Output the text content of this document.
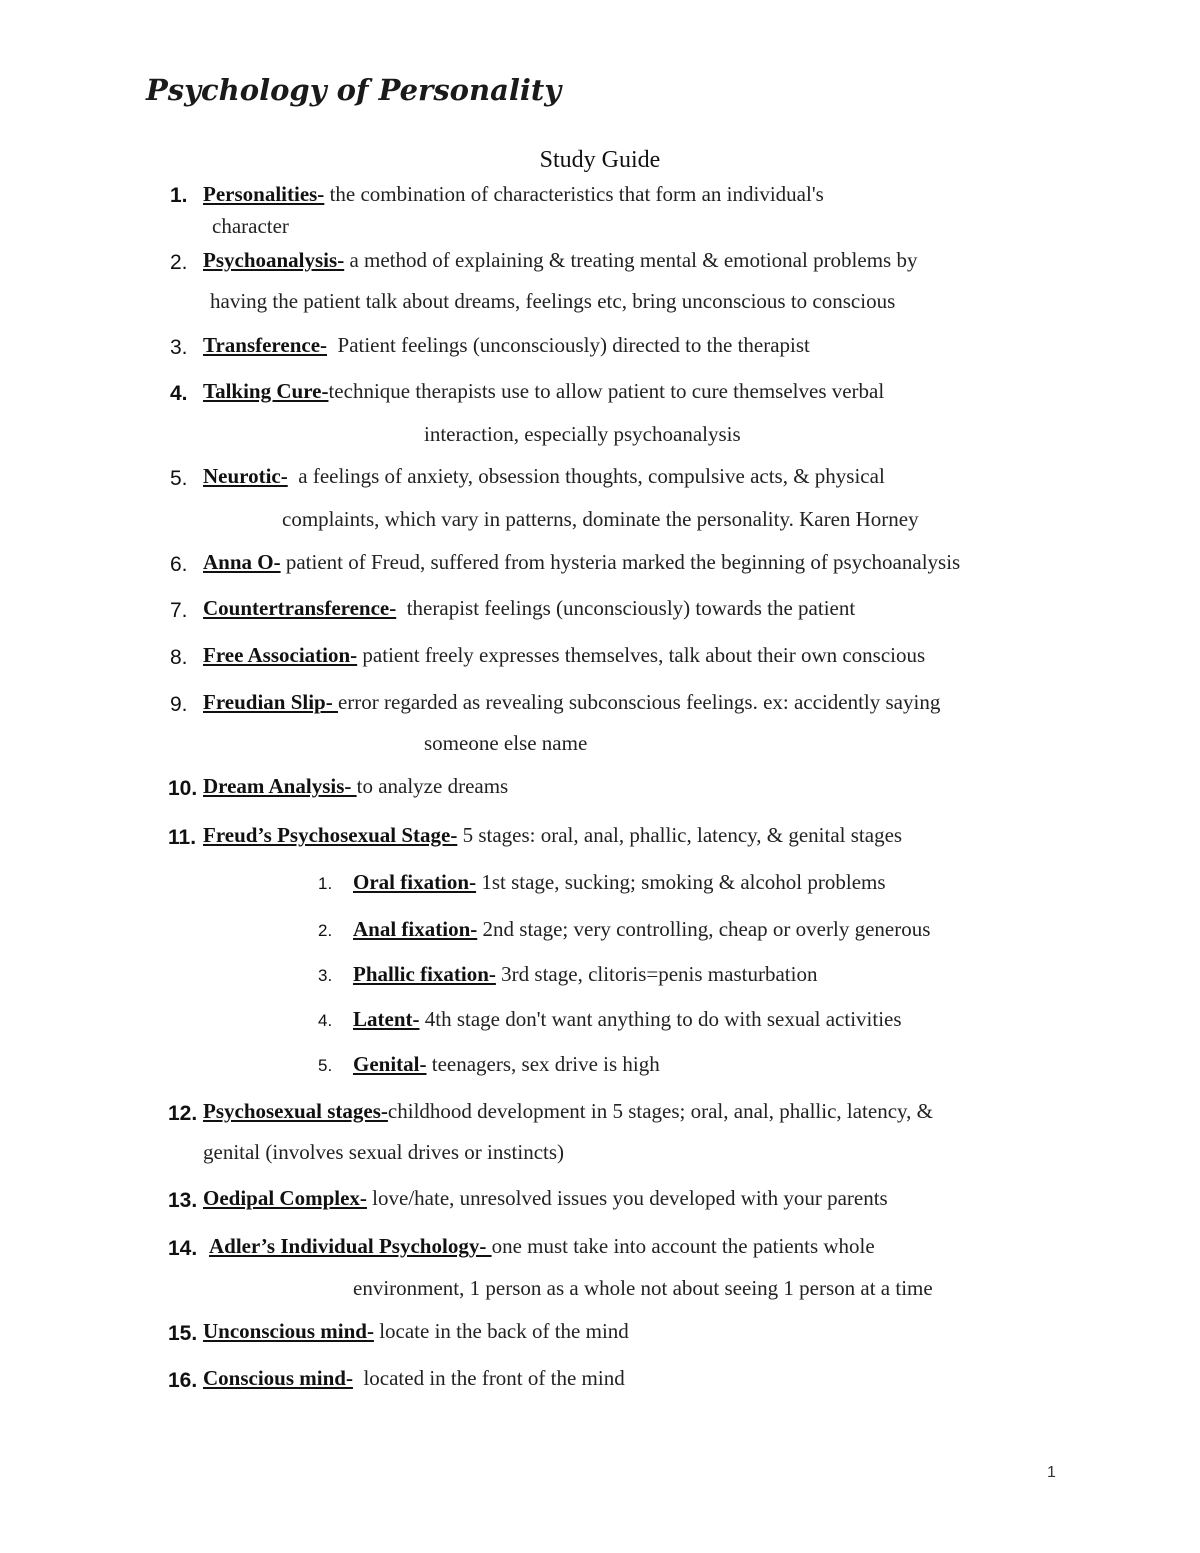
Psychology of Personality
Study Guide
1. Personalities- the combination of characteristics that form an individual's
character
2. Psychoanalysis- a method of explaining & treating mental & emotional problems by
having the patient talk about dreams, feelings etc, bring unconscious to conscious
3. Transference-  Patient feelings (unconsciously) directed to the therapist
4. Talking Cure-technique therapists use to allow patient to cure themselves verbal
interaction, especially psychoanalysis
5. Neurotic-  a feelings of anxiety, obsession thoughts, compulsive acts, & physical
complaints, which vary in patterns, dominate the personality. Karen Horney
6. Anna O- patient of Freud, suffered from hysteria marked the beginning of psychoanalysis
7. Countertransference-  therapist feelings (unconsciously) towards the patient
8. Free Association- patient freely expresses themselves, talk about their own conscious
9. Freudian Slip- error regarded as revealing subconscious feelings. ex: accidently saying
someone else name
10. Dream Analysis- to analyze dreams
11. Freud’s Psychosexual Stage- 5 stages: oral, anal, phallic, latency, & genital stages
1. Oral fixation- 1st stage, sucking; smoking & alcohol problems
2. Anal fixation- 2nd stage; very controlling, cheap or overly generous
3. Phallic fixation- 3rd stage, clitoris=penis masturbation
4. Latent- 4th stage don't want anything to do with sexual activities
5. Genital- teenagers, sex drive is high
12. Psychosexual stages-childhood development in 5 stages; oral, anal, phallic, latency, &
genital (involves sexual drives or instincts)
13. Oedipal Complex- love/hate, unresolved issues you developed with your parents
14. Adler’s Individual Psychology- one must take into account the patients whole
environment, 1 person as a whole not about seeing 1 person at a time
15. Unconscious mind- locate in the back of the mind
16. Conscious mind-  located in the front of the mind
1
